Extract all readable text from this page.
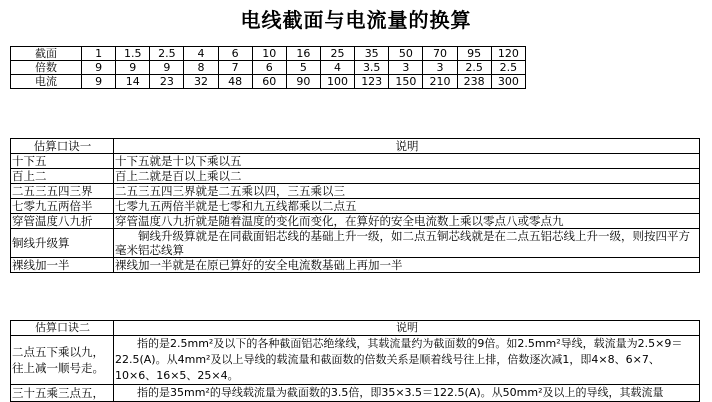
电线截面与电流量的换算
截面	1	1.5	2.5	4	6	10	16	25	35	50	70	95	120
倍数	9	9	9	8	7	6	5	4	3.5	3	3	2.5	2.5
电流	9	14	23	32	48	60	90	100	123	150	210	238	300
估算口诀一	说明
十下五	十下五就是十以下乘以五
百上二	百上二就是百以上乘以二
二五三五四三界	二五三五四三界就是二五乘以四，三五乘以三
七零九五两倍半	七零九五两倍半就是七零和九五线都乘以二点五
穿管温度八九折	穿管温度八九折就是随着温度的变化而变化，在算好的安全电流数上乘以零点八或零点九
铜线升级算	　　铜线升级算就是在同截面铝芯线的基础上升一级，如二点五铜芯线就是在二点五铝芯线上升一级，则按四平方毫米铝芯线算
裸线加一半	裸线加一半就是在原已算好的安全电流数基础上再加一半
估算口诀二	说明
二点五下乘以九，往上减一顺号走。	　　指的是2.5mm²及以下的各种截面铝芯绝缘线，其载流量约为截面数的9倍。如2.5mm²导线，载流量为2.5×9＝22.5(A)。从4mm²及以上导线的载流量和截面数的倍数关系是顺着线号往上排，倍数逐次减1，即4×8、6×7、10×6、16×5、25×4。
三十五乘三点五，	　　指的是35mm²的导线载流量为截面数的3.5倍，即35×3.5＝122.5(A)。从50mm²及以上的导线，其载流量
